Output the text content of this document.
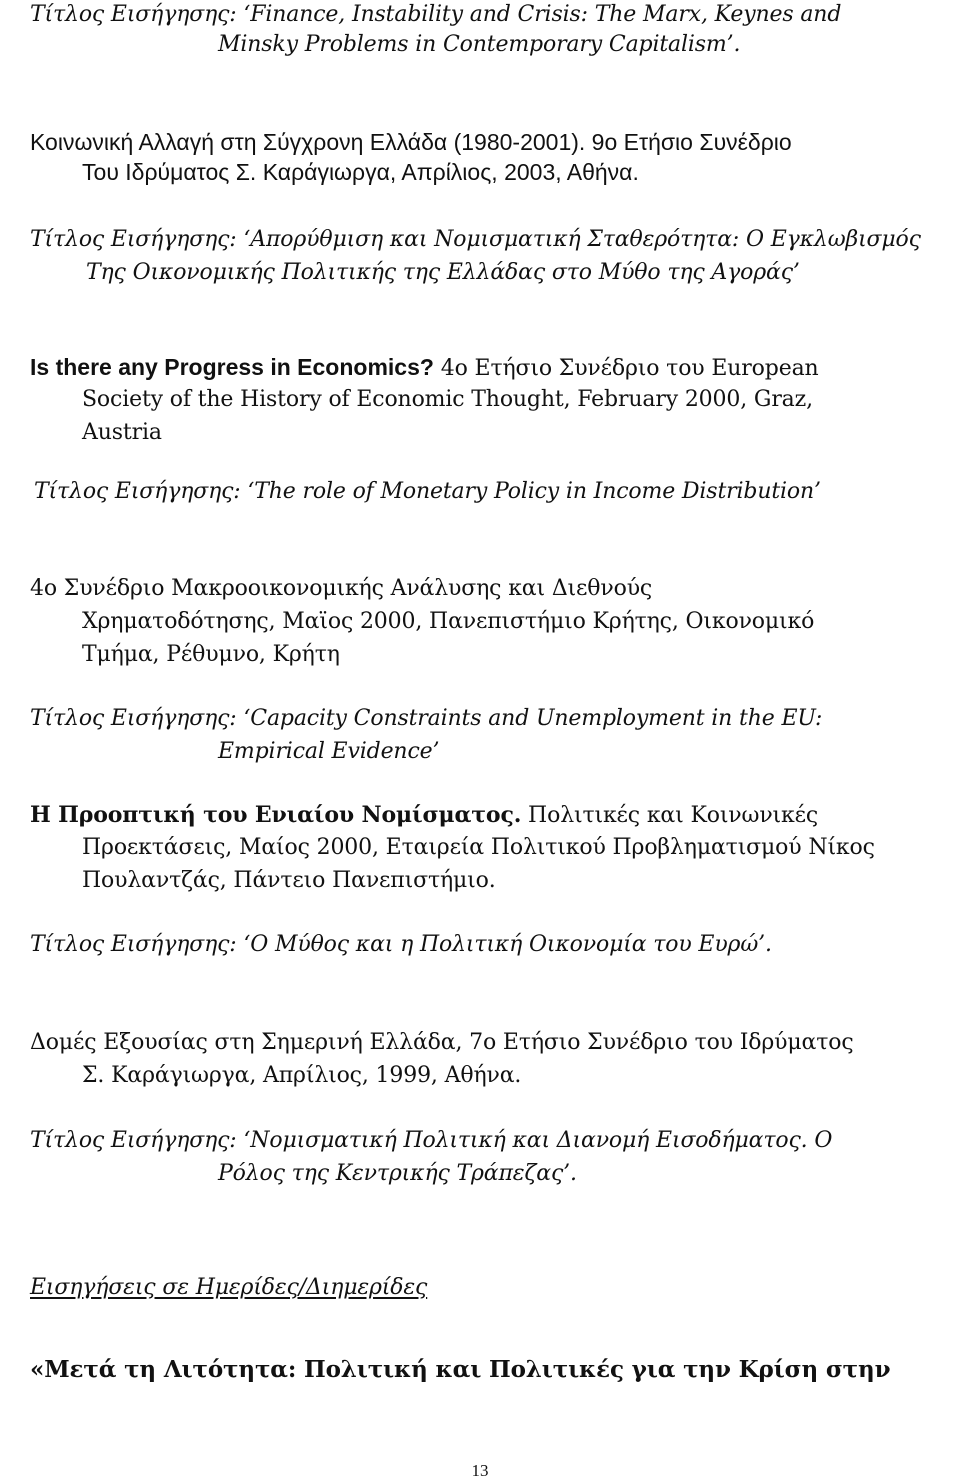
Τίτλος Εισήγησης: ‘Finance, Instability and Crisis: The Marx, Keynes and
Minsky Problems in Contemporary Capitalism’.
Κοινωνική Αλλαγή στη Σύγχρονη Ελλάδα (1980-2001). 9ο Ετήσιο Συνέδριο
Του Ιδρύματος Σ. Καράγιωργα, Απρίλιος, 2003, Αθήνα.
Τίτλος Εισήγησης: ‘Απορύθμιση και Νομισματική Σταθερότητα: Ο Εγκλωβισμός
Της Οικονομικής Πολιτικής της Ελλάδας στο Μύθο της Αγοράς’
Is there any Progress in Economics? 4ο Ετήσιο Συνέδριο του European
Society of the History of Economic Thought, February 2000, Graz,
Austria
Τίτλος Εισήγησης: ‘The role of Monetary Policy in Income Distribution’
4ο Συνέδριο Μακροοικονομικής Ανάλυσης και Διεθνούς
Χρηματοδότησης, Μαϊος 2000, Πανεπιστήμιο Κρήτης, Οικονομικό
Τμήμα, Ρέθυμνο, Κρήτη
Τίτλος Εισήγησης: ‘Capacity Constraints and Unemployment in the EU:
Empirical Evidence’
Η Προοπτική του Ενιαίου Νομίσματος. Πολιτικές και Κοινωνικές
Προεκτάσεις, Μαίος 2000, Εταιρεία Πολιτικού Προβληματισμού Νίκος
Πουλαντζάς, Πάντειο Πανεπιστήμιο.
Τίτλος Εισήγησης: ‘Ο Μύθος και η Πολιτική Οικονομία του Ευρώ’.
Δομές Εξουσίας στη Σημερινή Ελλάδα, 7ο Ετήσιο Συνέδριο του Ιδρύματος
Σ. Καράγιωργα, Απρίλιος, 1999, Αθήνα.
Τίτλος Εισήγησης: ‘Νομισματική Πολιτική και Διανομή Εισοδήματος. Ο
Ρόλος της Κεντρικής Τράπεζας’.
Εισηγήσεις σε Ημερίδες/Διημερίδες
«Μετά τη Λιτότητα: Πολιτική και Πολιτικές για την Κρίση στην
13
